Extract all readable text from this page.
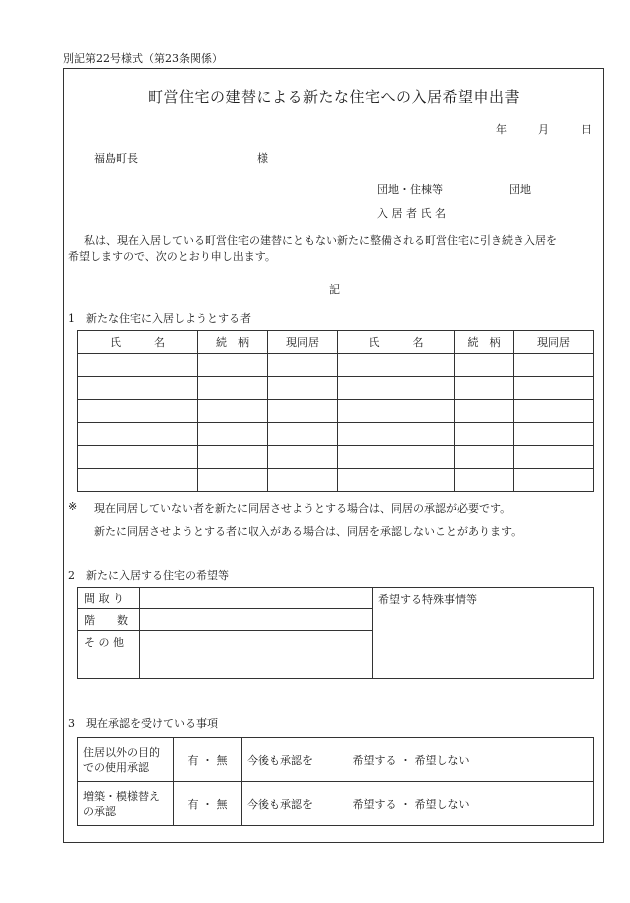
別記第22号様式（第23条関係）
町営住宅の建替による新たな住宅への入居希望申出書
年	月	日
福島町長	様
団地・住棟等	団地
入 居 者 氏 名
私は、現在入居している町営住宅の建替にともない新たに整備される町営住宅に引き続き入居を
希望しますので、次のとおり申し出ます。
記
1　新たな住宅に入居しようとする者
氏　　　名	続　柄	現同居	氏　　　名	続　柄	現同居

※ 現在同居していない者を新たに同居させようとする場合は、同居の承認が必要です。
新たに同居させようとする者に収入がある場合は、同居を承認しないことがあります。
2　新たに入居する住宅の希望等
間 取 り		希望する特殊事情等

階　　数		
そ の 他		
3　現在承認を受けている事項
住居以外の目的
での使用承認	有 ・ 無	今後も承認を 希望する ・ 希望しない

増築・模様替え
の承認	有 ・ 無	今後も承認を 希望する ・ 希望しない
